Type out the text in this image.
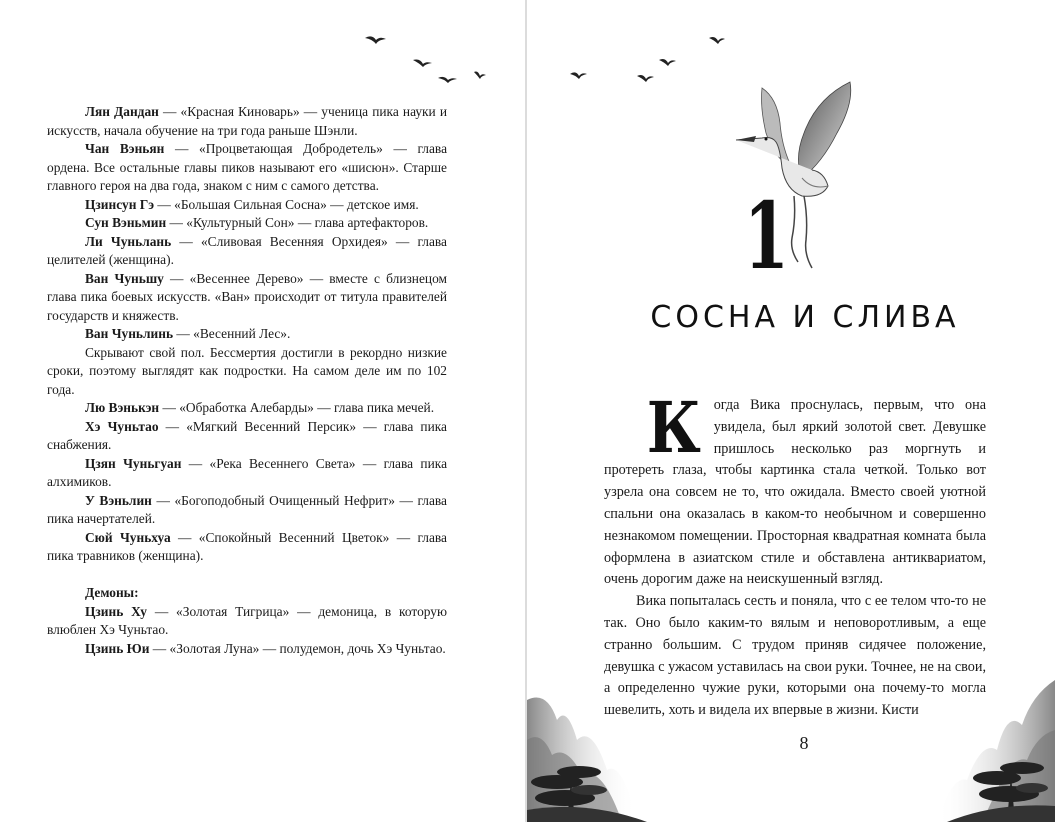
Лян Дандан — «Красная Киноварь» — ученица пика науки и искусств, начала обучение на три года раньше Шэнли.

Чан Вэньян — «Процветающая Добродетель» — глава ордена. Все остальные главы пиков называют его «шисюн». Старше главного героя на два года, знаком с ним с самого детства.

Цзинсун Гэ — «Большая Сильная Сосна» — детское имя.

Сун Вэньмин — «Культурный Сон» — глава артефакторов.

Ли Чуньлань — «Сливовая Весенняя Орхидея» — глава целителей (женщина).

Ван Чуньшу — «Весеннее Дерево» — вместе с близнецом глава пика боевых искусств. «Ван» происходит от титула правителей государств и княжеств.

Ван Чуньлинь — «Весенний Лес».

Скрывают свой пол. Бессмертия достигли в рекордно низкие сроки, поэтому выглядят как подростки. На самом деле им по 102 года.

Лю Вэнькэн — «Обработка Алебарды» — глава пика мечей.

Хэ Чуньтао — «Мягкий Весенний Персик» — глава пика снабжения.

Цзян Чуньгуан — «Река Весеннего Света» — глава пика алхимиков.

У Вэньлин — «Богоподобный Очищенный Нефрит» — глава пика начертателей.

Сюй Чуньхуа — «Спокойный Весенний Цветок» — глава пика травников (женщина).

Демоны:

Цзинь Ху — «Золотая Тигрица» — демоница, в которую влюблен Хэ Чуньтао.

Цзинь Юи — «Золотая Луна» — полудемон, дочь Хэ Чуньтао.

1
СОСНА И СЛИВА

Когда Вика проснулась, первым, что она увидела, был яркий золотой свет. Девушке пришлось несколько раз моргнуть и протереть глаза, чтобы картинка стала четкой. Только вот узрела она совсем не то, что ожидала. Вместо своей уютной спальни она оказалась в каком-то необычном и совершенно незнакомом помещении. Просторная квадратная комната была оформлена в азиатском стиле и обставлена антиквариатом, очень дорогим даже на неискушенный взгляд.

Вика попыталась сесть и поняла, что с ее телом что-то не так. Оно было каким-то вялым и неповоротливым, а еще странно большим. С трудом приняв сидячее положение, девушка с ужасом уставилась на свои руки. Точнее, не на свои, а определенно чужие руки, которыми она почему-то могла шевелить, хоть и видела их впервые в жизни. Кисти

8
